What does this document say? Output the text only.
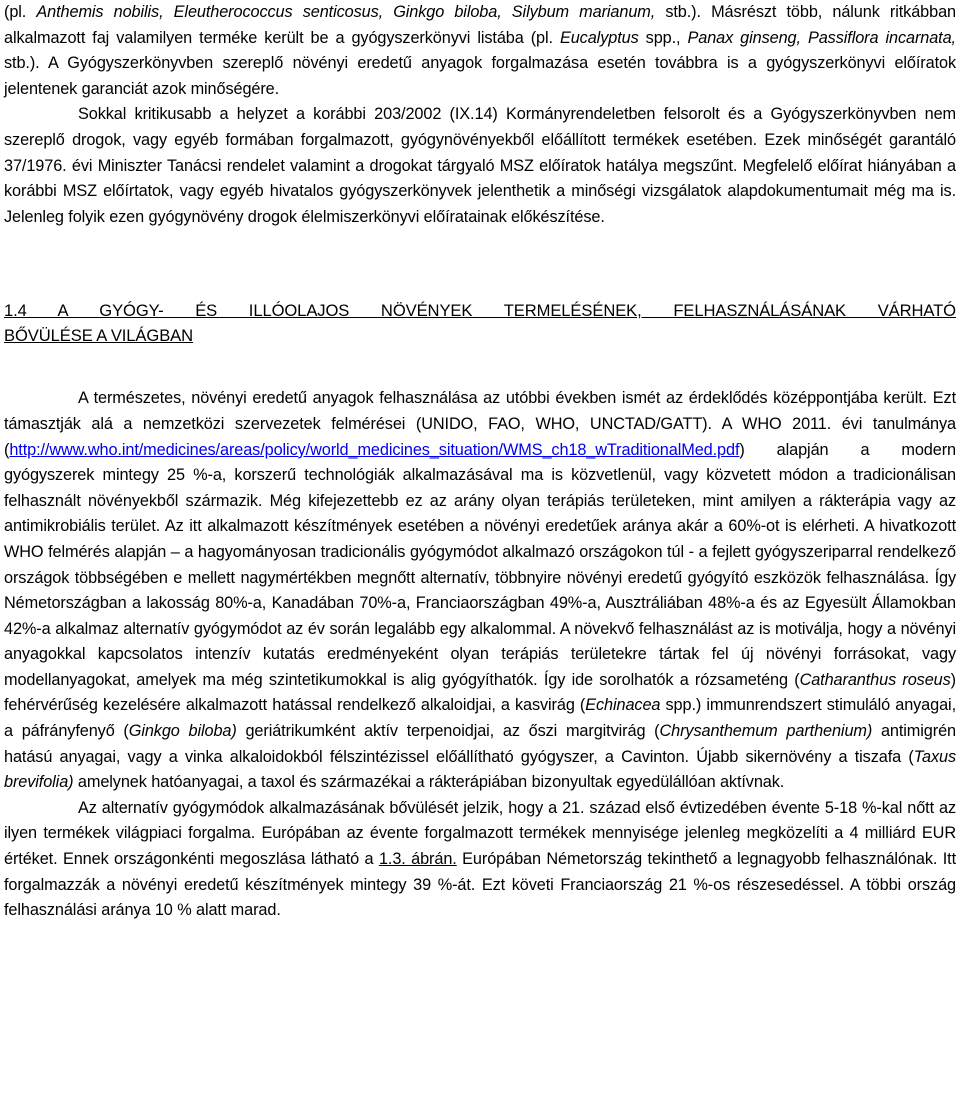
(pl. Anthemis nobilis, Eleutherococcus senticosus, Ginkgo biloba, Silybum marianum, stb.). Másrészt több, nálunk ritkábban alkalmazott faj valamilyen terméke került be a gyógyszerkönyvi listába (pl. Eucalyptus spp., Panax ginseng, Passiflora incarnata, stb.). A Gyógyszerkönyvben szereplő növényi eredetű anyagok forgalmazása esetén továbbra is a gyógyszerkönyvi előíratok jelentenek garanciát azok minőségére.

Sokkal kritikusabb a helyzet a korábbi 203/2002 (IX.14) Kormányrendeletben felsorolt és a Gyógyszerkönyvben nem szereplő drogok, vagy egyéb formában forgalmazott, gyógynövényekből előállított termékek esetében. Ezek minőségét garantáló 37/1976. évi Miniszter Tanácsi rendelet valamint a drogokat tárgyaló MSZ előíratok hatálya megszűnt. Megfelelő előírat hiányában a korábbi MSZ előírtatok, vagy egyéb hivatalos gyógyszerkönyvek jelenthetik a minőségi vizsgálatok alapdokumentumait még ma is. Jelenleg folyik ezen gyógynövény drogok élelmiszerkönyvi előíratainak előkészítése.

1.4 A GYÓGY- ÉS ILLÓOLAJOS NÖVÉNYEK TERMELÉSÉNEK, FELHASZNÁLÁSÁNAK VÁRHATÓ
BŐVÜLÉSE A VILÁGBAN

A természetes, növényi eredetű anyagok felhasználása az utóbbi években ismét az érdeklődés középpontjába került. Ezt támasztják alá a nemzetközi szervezetek felmérései (UNIDO, FAO, WHO, UNCTAD/GATT). A WHO 2011. évi tanulmánya (http://www.who.int/medicines/areas/policy/world_medicines_situation/WMS_ch18_wTraditionalMed.pdf) alapján a modern gyógyszerek mintegy 25 %-a, korszerű technológiák alkalmazásával ma is közvetlenül, vagy közvetett módon a tradicionálisan felhasznált növényekből származik. Még kifejezettebb ez az arány olyan terápiás területeken, mint amilyen a rákterápia vagy az antimikrobiális terület. Az itt alkalmazott készítmények esetében a növényi eredetűek aránya akár a 60%-ot is elérheti. A hivatkozott WHO felmérés alapján – a hagyományosan tradicionális gyógymódot alkalmazó országokon túl - a fejlett gyógyszeriparral rendelkező országok többségében e mellett nagymértékben megnőtt alternatív, többnyire növényi eredetű gyógyító eszközök felhasználása. Így Németországban a lakosság 80%-a, Kanadában 70%-a, Franciaországban 49%-a, Ausztráliában 48%-a és az Egyesült Államokban 42%-a alkalmaz alternatív gyógymódot az év során legalább egy alkalommal. A növekvő felhasználást az is motiválja, hogy a növényi anyagokkal kapcsolatos intenzív kutatás eredményeként olyan terápiás területekre tártak fel új növényi forrásokat, vagy modellanyagokat, amelyek ma még szintetikumokkal is alig gyógyíthatók. Így ide sorolhatók a rózsameténg (Catharanthus roseus) fehérvérűség kezelésére alkalmazott hatással rendelkező alkaloidjai, a kasvirág (Echinacea spp.) immunrendszert stimuláló anyagai, a páfrányfenyő (Ginkgo biloba) geriátrikumként aktív terpenoidjai, az őszi margitvirág (Chrysanthemum parthenium) antimigrén hatású anyagai, vagy a vinka alkaloidokból félszintézissel előállítható gyógyszer, a Cavinton. Újabb sikernövény a tiszafa (Taxus brevifolia) amelynek hatóanyagai, a taxol és származékai a rákterápiában bizonyultak egyedülállóan aktívnak.

Az alternatív gyógymódok alkalmazásának bővülését jelzik, hogy a 21. század első évtizedében évente 5-18 %-kal nőtt az ilyen termékek világpiaci forgalma. Európában az évente forgalmazott termékek mennyisége jelenleg megközelíti a 4 milliárd EUR értéket. Ennek országonkénti megoszlása látható a 1.3. ábrán. Európában Németország tekinthető a legnagyobb felhasználónak. Itt forgalmazzák a növényi eredetű készítmények mintegy 39 %-át. Ezt követi Franciaország 21 %-os részesedéssel. A többi ország felhasználási aránya 10 % alatt marad.
